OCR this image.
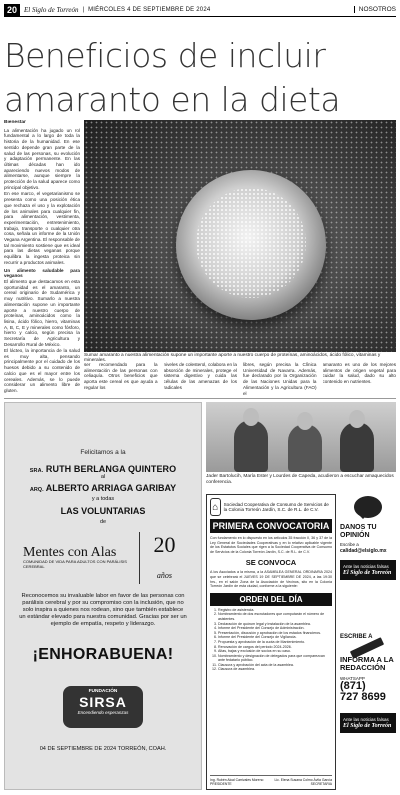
20	El Siglo de Torreón | MIÉRCOLES 4 DE SEPTIEMBRE DE 2024	NOSOTROS
Beneficios de incluir amaranto en la dieta
Bienestar

La alimentación ha jugado un rol fundamental a lo largo de toda la historia de la humanidad. En ese sentido depende gran parte de la salud de las personas, su evolución y adaptación permanente. En las últimas décadas han ido apareciendo nuevos modos de alimentarse, aunque siempre la protección de la salud aparece como principal objetivo.

En ese marco, el vegetarianismo se presenta como una posición ética que rechaza el uso y la explotación de los animales para cualquier fin, para alimentación, vestimenta, experimentación, entretenimiento, trabajo, transporte o cualquier otra cosa, señala un informe de la Unión Vegana Argentina. El responsable de tal movimiento sostiene que es ideal para las dietas veganas porque equilibra la ingesta proteica sin recurrir a productos animales.

Un alimento saludable para veganos

El alimento que destacamos en esta oportunidad es el amaranto, un cereal originario de Sudamérica y muy nutritivo. Sumarlo a nuestra alimentación supone un importante aporte a nuestro cuerpo de proteínas, aminoácidos como la lisina, ácido fólico, hierro, vitaminas A, B, C, E y minerales como fósforo, hierro y calcio, según precisa la Secretaría de Agricultura y Desarrollo Rural de México.

El lácteo, la importancia de la salud es muy alta, pensando principalmente por el cuidado de los huesos debido a su contenido de calcio que es el mayor entre los cereales. Además, se lo puede considerar un alimento libre de gluten.
Sumar amaranto a nuestra alimentación supone un importante aporte a nuestro cuerpo de proteínas, aminoácidos, ácido fólico, vitaminas y minerales.
ser recomendado para la alimentación de las personas con celiaquía. Otros beneficios que aporta este cereal es que ayuda a regular los
niveles de colesterol, colabora en la absorción de minerales, protege el sistema digestivo y cuida las células de las amenazas de los radicales
libres, según precisa la Clínica Universidad de Navarra. Además, fue declarado por la Organización de las Naciones Unidas para la Alimentación y la Agricultura (FAO) el
amaranto es uno de los mejores alimentos de origen vegetal para cuidar la salud, dado su alto contenido en nutrientes.
Felicitamos a la
SRA. RUTH BERLANGA QUINTERO
al
ARQ. ALBERTO ARRIAGA GARIBAY
y a todas
LAS VOLUNTARIAS
de
Mentes con Alas
COMUNIDAD DE VIDA PARA ADULTOS CON PARÁLISIS CEREBRAL
20 años
Reconocemos su invaluable labor en favor de las personas con parálisis cerebral y por su compromiso con la inclusión, que no solo inspira a quienes nos rodean, sino que también establece un estándar elevado para nuestra comunidad. Gracias por ser un ejemplo de empatía, respeto y liderazgo.
¡ENHORABUENA!
FUNDACIÓN
SIRSA
Encendiendo esperanzas
04 DE SEPTIEMBRE DE 2024 TORREÓN, COAH.
Jader Bartolucih, María Ester y Lourdes de Capeda, acudieron a escuchar amaquecidos conferencia.
⌂	Sociedad Cooperativa de Consumo de Servicios de la Colonia Torreón Jardín, S.C. de R.L. de C.V.
PRIMERA CONVOCATORIA
Con fundamento en lo dispuesto en los artículos 35 fracción II, 36 y 37 de la Ley General de Sociedades Cooperativas y en lo relativo aplicable vigente de los Estatutos Sociales que rigen a la Sociedad Cooperativa de Consumo de Servicios de la Colonia Torreón Jardín, S.C. de R.L. de C.V.
SE CONVOCA
A los Asociados a la misma, a la ASAMBLEA GENERAL ORDINARIA 2024 que se celebrará el JUEVES 19 DE SEPTIEMBRE DE 2024, a las 19:30 hrs., en el salón Zona de la Asociación de Vecinos, sito en la Colonia Torreón Jardín de esta ciudad, conforme a la siguiente:
ORDEN DEL DÍA
1. Registro de asistencia.
2. Nombramiento de dos escrutadores que computarán el número de asistentes.
3. Declaración de quórum legal y instalación de la asamblea.
4. Informe del Presidente del Consejo de Administración.
5. Presentación, discusión y aprobación de los estados financieros.
6. Informe del Presidente del Consejo de Vigilancia.
7. Propuesta y aprobación de la cuota de Mantenimiento.
8. Renovación de cargos del periodo 2024-2026.
9. Altas, bajas y exclusión de socios en su caso.
10. Nombramiento y designación de delegados para que comparezcan ante fedatario público.
11. Clausura y aprobación del acta de la asamblea.
12. Clausura de asamblea.
Ing. Rubén Alcal Carrizales Moreno
PRESIDENTE
Lic. Elena Susana Colmo Ávila García
SECRETARIA
DANOS TU OPINIÓN
Escribe a
calidad@elsiglo.mx
Ante las noticias falsas
El Siglo de Torreón
ESCRIBE A
INFORMA A LA REDACCIÓN
WHATSAPP
(871)
727 8699
Ante las noticias falsas
El Siglo de Torreón
